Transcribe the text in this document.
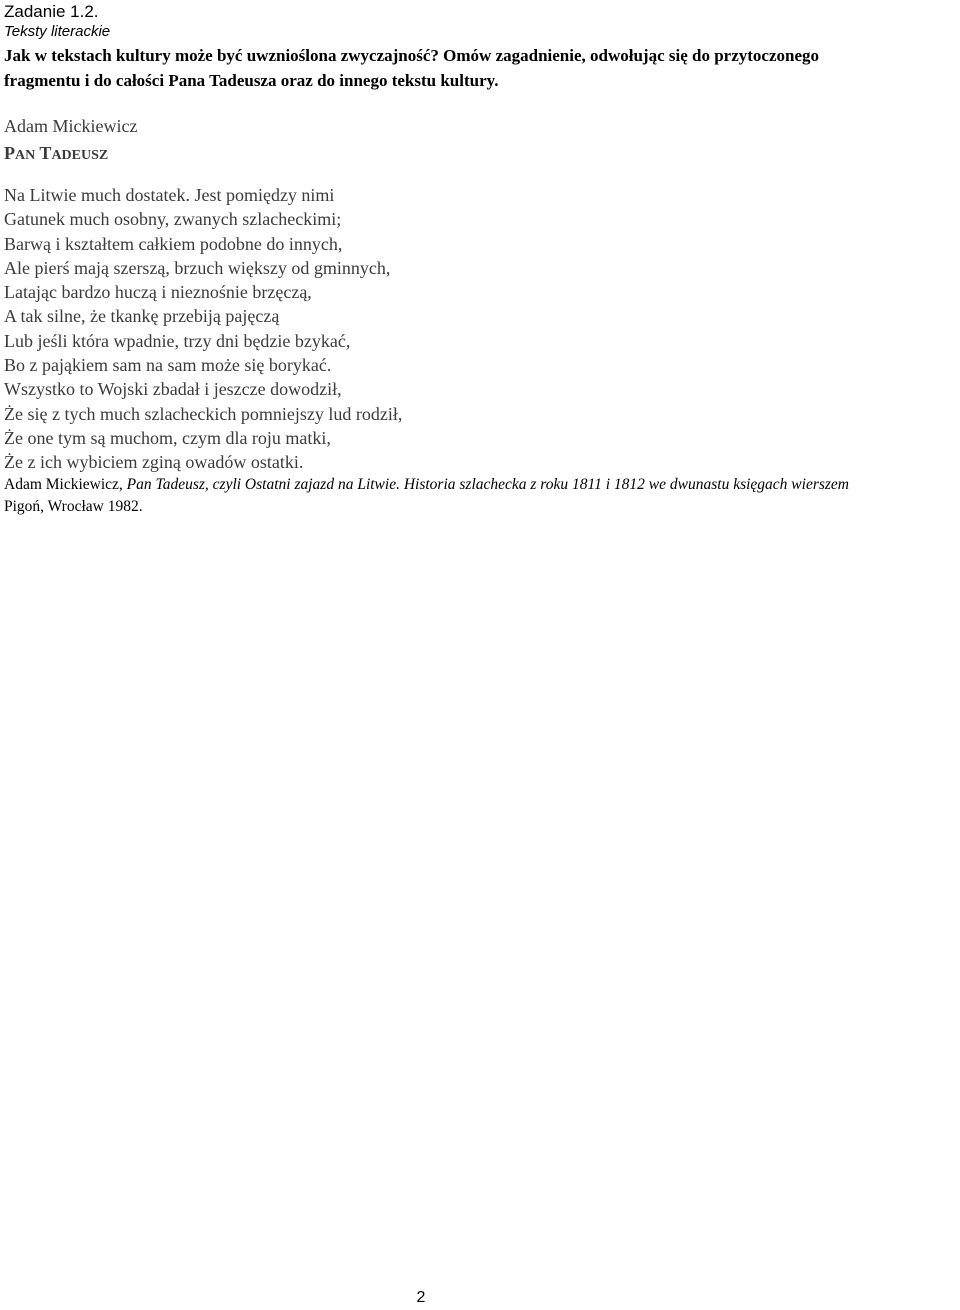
Zadanie 1.2.
Teksty literackie
Jak w tekstach kultury może być uwznioślona zwyczajność? Omów zagadnienie, odwołując się do przytoczonego
fragmentu i do całości Pana Tadeusza oraz do innego tekstu kultury.
Adam Mickiewicz
PAN TADEUSZ
Na Litwie much dostatek. Jest pomiędzy nimi
Gatunek much osobny, zwanych szlacheckimi;
Barwą i kształtem całkiem podobne do innych,
Ale pierś mają szerszą, brzuch większy od gminnych,
Latając bardzo huczą i nieznośnie brzęczą,
A tak silne, że tkankę przebiją pajęczą
Lub jeśli która wpadnie, trzy dni będzie bzykać,
Bo z pająkiem sam na sam może się borykać.
Wszystko to Wojski zbadał i jeszcze dowodził,
Że się z tych much szlacheckich pomniejszy lud rodził,
Że one tym są muchom, czym dla roju matki,
Że z ich wybiciem zginą owadów ostatki.
Adam Mickiewicz, Pan Tadeusz, czyli Ostatni zajazd na Litwie. Historia szlachecka z roku 1811 i 1812 we dwunastu księgach wierszem
Pigoń, Wrocław 1982.
2
